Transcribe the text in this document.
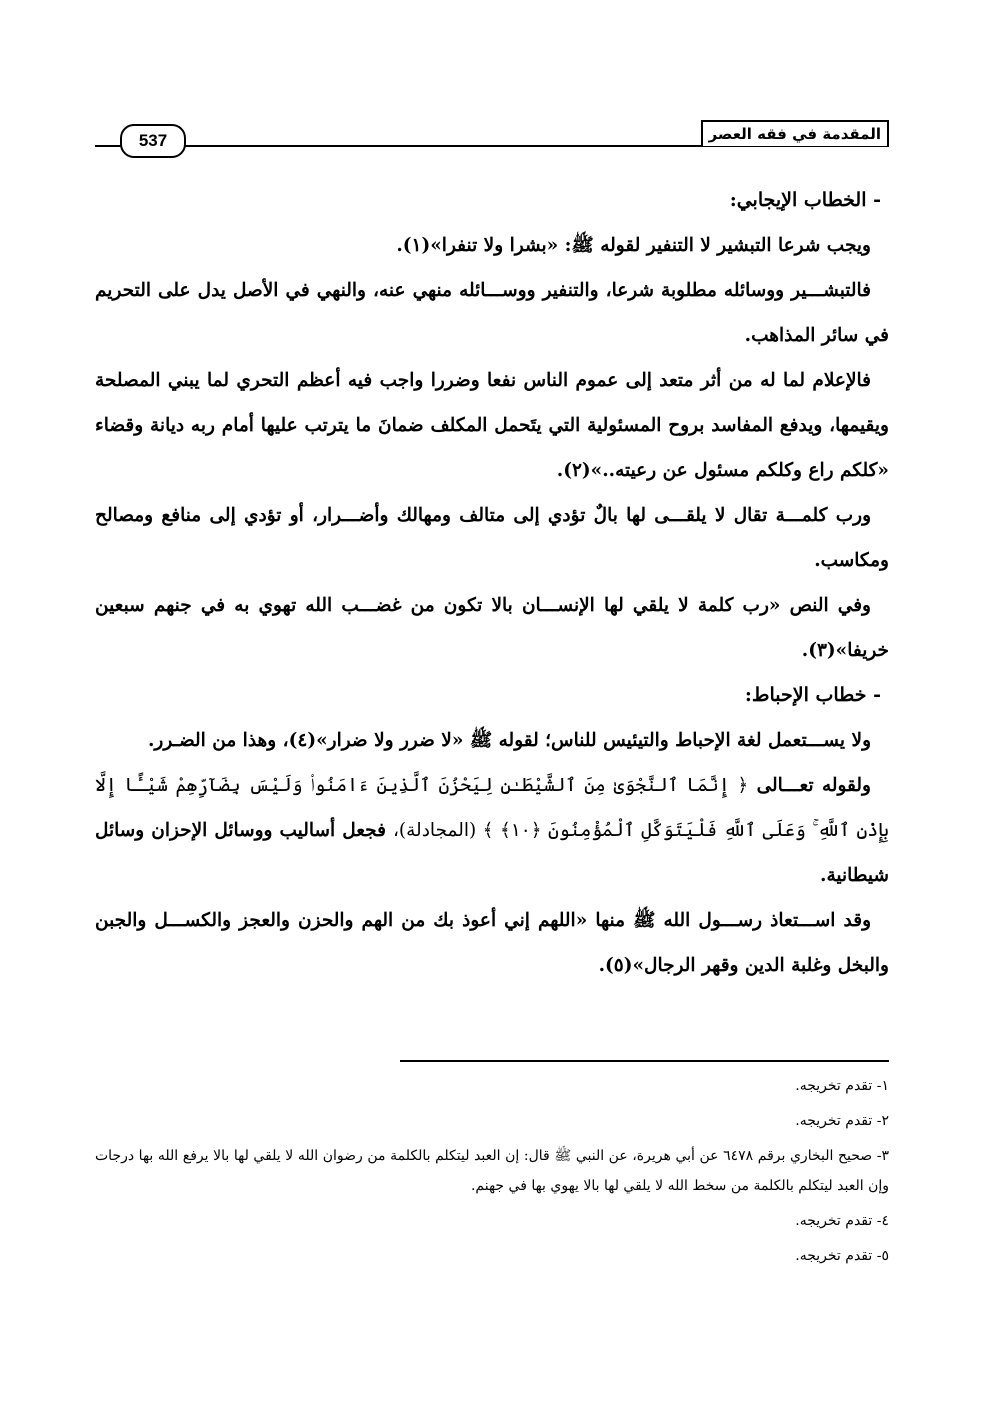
537	المقدمة في فقه العصر
- الخطاب الإيجابي:

ويجب شرعا التبشير لا التنفير لقوله ﷺ: «بشرا ولا تنفرا»(١).

فالتبشـــير ووسائله مطلوبة شرعا، والتنفير ووســـائله منهي عنه، والنهي في الأصل يدل على التحريم في سائر المذاهب.

فالإعلام لما له من أثر متعد إلى عموم الناس نفعا وضررا واجب فيه أعظم التحري لما يبني المصلحة ويقيمها، ويدفع المفاسد بروح المسئولية التي يتَحمل المكلف ضمانَ ما يترتب عليها أمام ربه ديانة وقضاء «كلكم راع وكلكم مسئول عن رعيته..»(٢).

ورب كلمـــة تقال لا يلقـــى لها بالٌ تؤدي إلى متالف ومهالك وأضـــرار، أو تؤدي إلى منافع ومصالح ومكاسب.

وفي النص «رب كلمة لا يلقي لها الإنســـان بالا تكون من غضـــب الله تهوي به في جنهم سبعين خريفا»(٣).

- خطاب الإحباط:

ولا يســـتعمل لغة الإحباط والتيئيس للناس؛ لقوله ﷺ «لا ضرر ولا ضرار»(٤)، وهذا من الضـرر.

ولقوله تعـــالى ﴿ إِنَّمَا ٱلنَّجْوَىٰ مِنَ ٱلشَّيْطَـٰنِ لِيَحْزُنَ ٱلَّذِينَ ءَامَنُوا۟ وَلَيْسَ بِضَآرِّهِمْ شَيْـًٔا إِلَّا بِإِذْنِ ٱللَّهِ ۚ وَعَلَى ٱللَّهِ فَلْيَتَوَكَّلِ ٱلْمُؤْمِنُونَ ﴿١٠﴾ ﴾ (المجادلة)، فجعل أساليب ووسائل الإحزان وسائل شيطانية.

وقد اســـتعاذ رســـول الله ﷺ منها «اللهم إني أعوذ بك من الهم والحزن والعجز والكســـل والجبن والبخل وغلبة الدين وقهر الرجال»(٥).

١- تقدم تخريجه.
٢- تقدم تخريجه.
٣- صحيح البخاري برقم ٦٤٧٨ عن أبي هريرة، عن النبي ﷺ قال: إن العبد ليتكلم بالكلمة من رضوان الله لا يلقي لها بالا يرفع الله بها درجات وإن العبد ليتكلم بالكلمة من سخط الله لا يلقي لها بالا يهوي بها في جهنم.
٤- تقدم تخريجه.
٥- تقدم تخريجه.
